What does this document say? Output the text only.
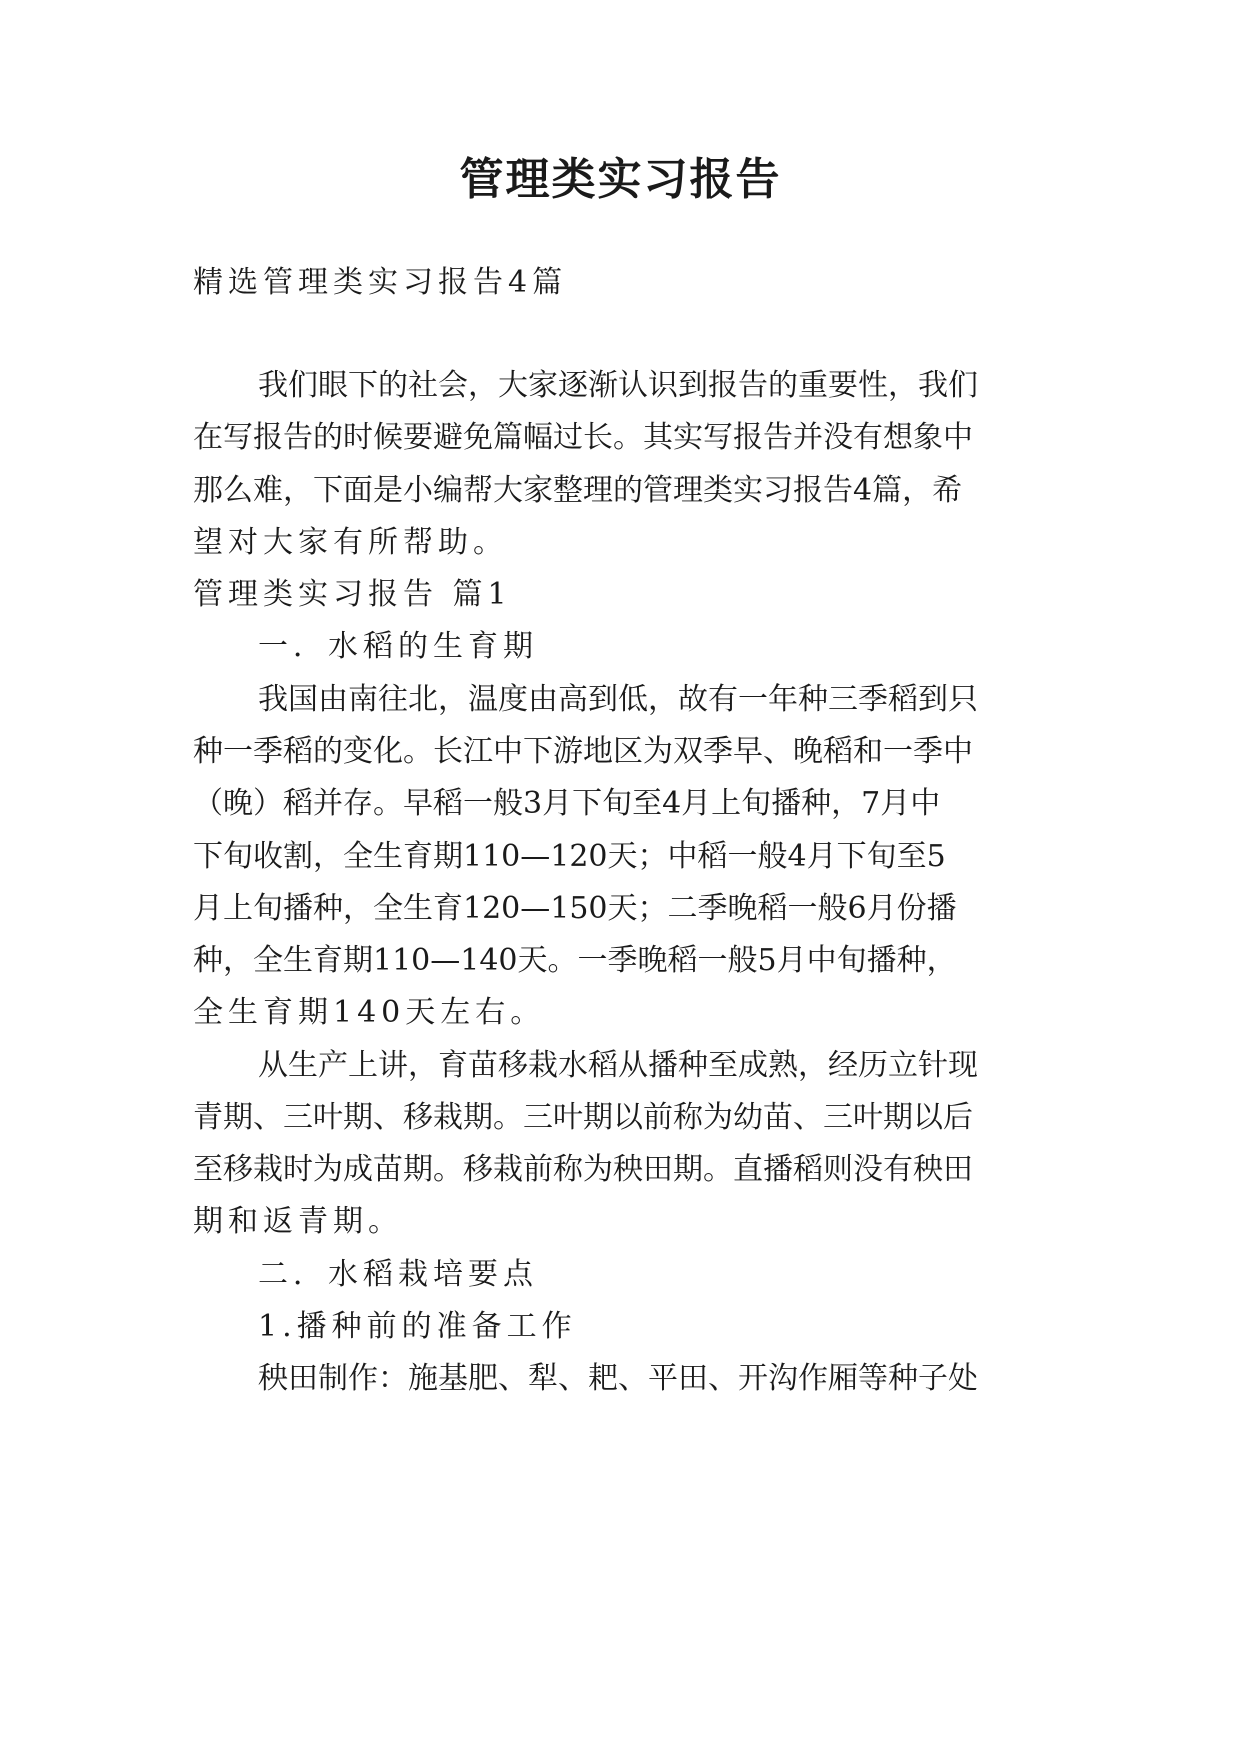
管理类实习报告
精选管理类实习报告4篇
我们眼下的社会，大家逐渐认识到报告的重要性，我们
在写报告的时候要避免篇幅过长。其实写报告并没有想象中
那么难，下面是小编帮大家整理的管理类实习报告4篇，希
望对大家有所帮助。
管理类实习报告 篇1
一．水稻的生育期
我国由南往北，温度由高到低，故有一年种三季稻到只
种一季稻的变化。长江中下游地区为双季早、晚稻和一季中
（晚）稻并存。早稻一般3月下旬至4月上旬播种，7月中
下旬收割，全生育期110—120天；中稻一般4月下旬至5
月上旬播种，全生育120—150天；二季晚稻一般6月份播
种，全生育期110—140天。一季晚稻一般5月中旬播种，
全生育期140天左右。
从生产上讲，育苗移栽水稻从播种至成熟，经历立针现
青期、三叶期、移栽期。三叶期以前称为幼苗、三叶期以后
至移栽时为成苗期。移栽前称为秧田期。直播稻则没有秧田
期和返青期。
二．水稻栽培要点
1.播种前的准备工作
秧田制作：施基肥、犁、耙、平田、开沟作厢等种子处
